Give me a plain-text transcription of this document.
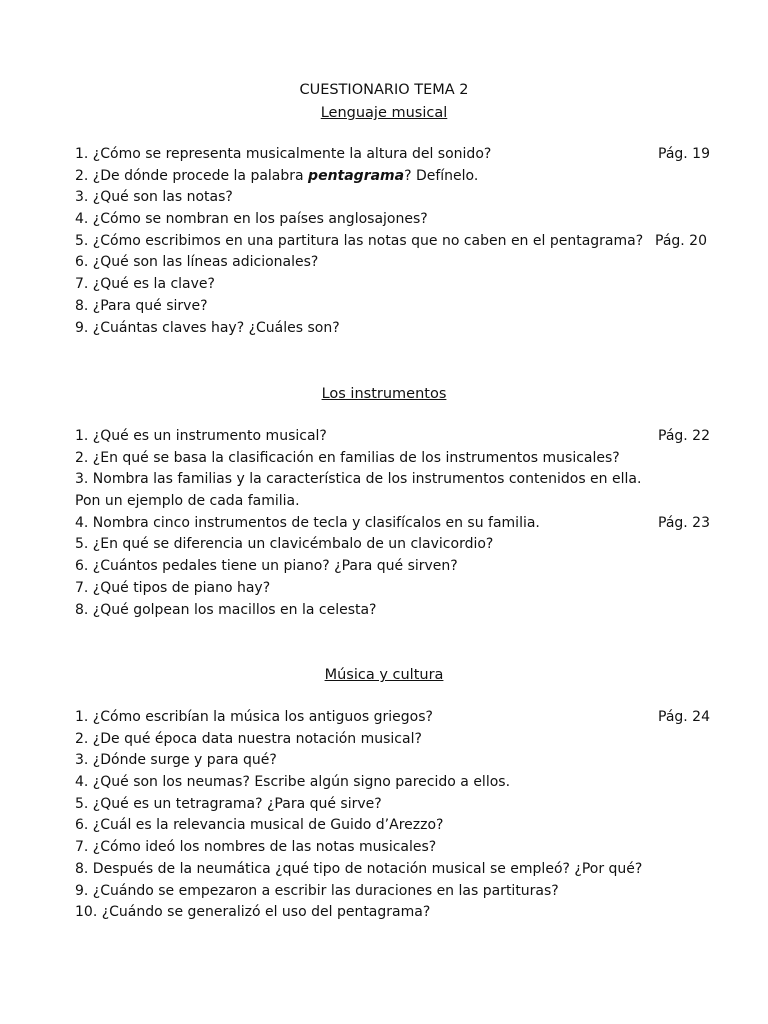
CUESTIONARIO TEMA 2
Lenguaje musical
1. ¿Cómo se representa musicalmente la altura del sonido?	Pág. 19
2. ¿De dónde procede la palabra pentagrama? Defínelo.
3. ¿Qué son las notas?
4. ¿Cómo se nombran en los países anglosajones?
5. ¿Cómo escribimos en una partitura las notas que no caben en el pentagrama? Pág. 20
6. ¿Qué son las líneas adicionales?
7. ¿Qué es la clave?
8. ¿Para qué sirve?
9. ¿Cuántas claves hay? ¿Cuáles son?
Los instrumentos
1. ¿Qué es un instrumento musical?	Pág. 22
2. ¿En qué se basa la clasificación en familias de los instrumentos musicales?
3. Nombra las familias y la característica de los instrumentos contenidos en ella.
Pon un ejemplo de cada familia.
4. Nombra cinco instrumentos de tecla y clasifícalos en su familia.	Pág. 23
5. ¿En qué se diferencia un clavicémbalo de un clavicordio?
6. ¿Cuántos pedales tiene un piano? ¿Para qué sirven?
7. ¿Qué tipos de piano hay?
8. ¿Qué golpean los macillos en la celesta?
Música y cultura
1. ¿Cómo escribían la música los antiguos griegos?	Pág. 24
2. ¿De qué época data nuestra notación musical?
3. ¿Dónde surge y para qué?
4. ¿Qué son los neumas? Escribe algún signo parecido a ellos.
5. ¿Qué es un tetragrama? ¿Para qué sirve?
6. ¿Cuál es la relevancia musical de Guido d’Arezzo?
7. ¿Cómo ideó los nombres de las notas musicales?
8. Después de la neumática ¿qué tipo de notación musical se empleó? ¿Por qué?
9. ¿Cuándo se empezaron a escribir las duraciones en las partituras?
10. ¿Cuándo se generalizó el uso del pentagrama?
